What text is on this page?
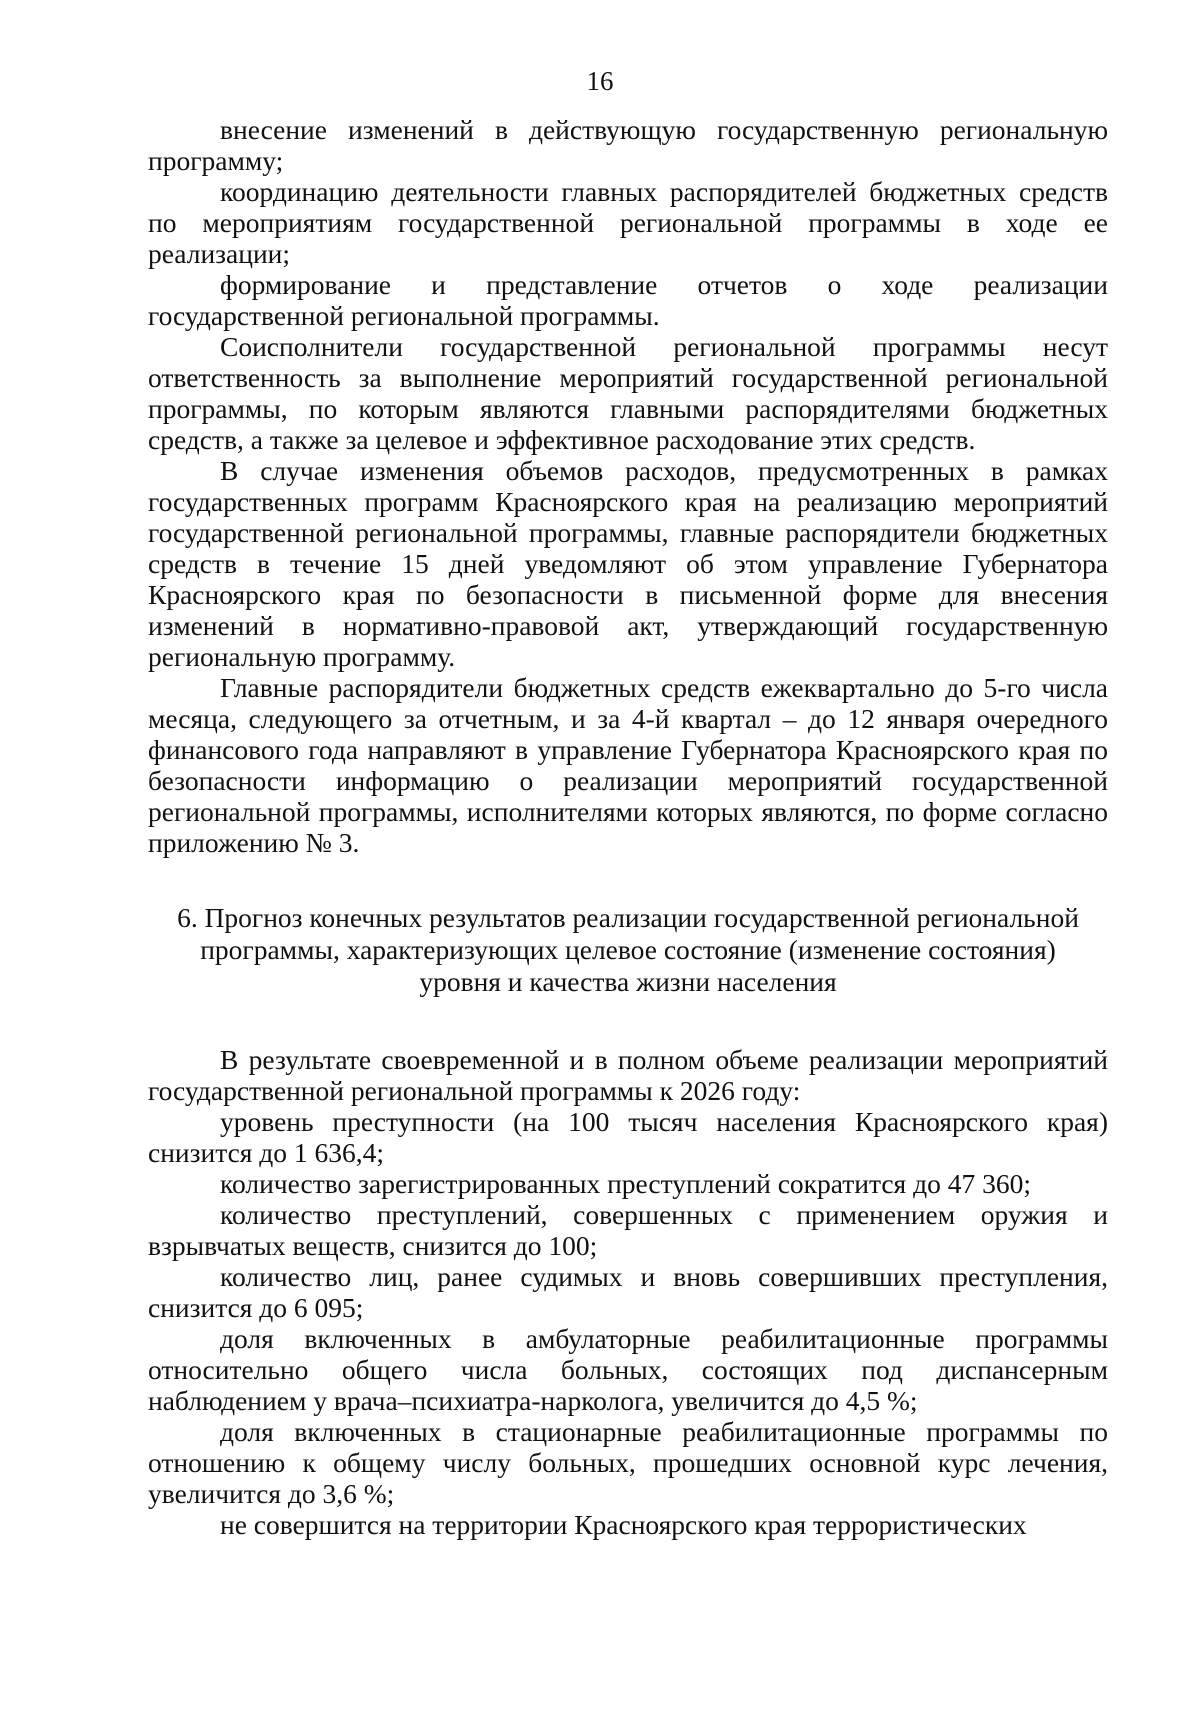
16

внесение изменений в действующую государственную региональную программу;

координацию деятельности главных распорядителей бюджетных средств по мероприятиям государственной региональной программы в ходе ее реализации;

формирование и представление отчетов о ходе реализации государственной региональной программы.

Соисполнители государственной региональной программы несут ответственность за выполнение мероприятий государственной региональной программы, по которым являются главными распорядителями бюджетных средств, а также за целевое и эффективное расходование этих средств.

В случае изменения объемов расходов, предусмотренных в рамках государственных программ Красноярского края на реализацию мероприятий государственной региональной программы, главные распорядители бюджетных средств в течение 15 дней уведомляют об этом управление Губернатора Красноярского края по безопасности в письменной форме для внесения изменений в нормативно-правовой акт, утверждающий государственную региональную программу.

Главные распорядители бюджетных средств ежеквартально до 5-го числа месяца, следующего за отчетным, и за 4-й квартал – до 12 января очередного финансового года направляют в управление Губернатора Красноярского края по безопасности информацию о реализации мероприятий государственной региональной программы, исполнителями которых являются, по форме согласно приложению № 3.

6. Прогноз конечных результатов реализации государственной региональной
программы, характеризующих целевое состояние (изменение состояния)
уровня и качества жизни населения

В результате своевременной и в полном объеме реализации мероприятий государственной региональной программы к 2026 году:

уровень преступности (на 100 тысяч населения Красноярского края) снизится до 1 636,4;

количество зарегистрированных преступлений сократится до 47 360;

количество преступлений, совершенных с применением оружия и взрывчатых веществ, снизится до 100;

количество лиц, ранее судимых и вновь совершивших преступления, снизится до 6 095;

доля включенных в амбулаторные реабилитационные программы относительно общего числа больных, состоящих под диспансерным наблюдением у врача–психиатра-нарколога, увеличится до 4,5 %;

доля включенных в стационарные реабилитационные программы по отношению к общему числу больных, прошедших основной курс лечения, увеличится до 3,6 %;

не совершится на территории Красноярского края террористических
